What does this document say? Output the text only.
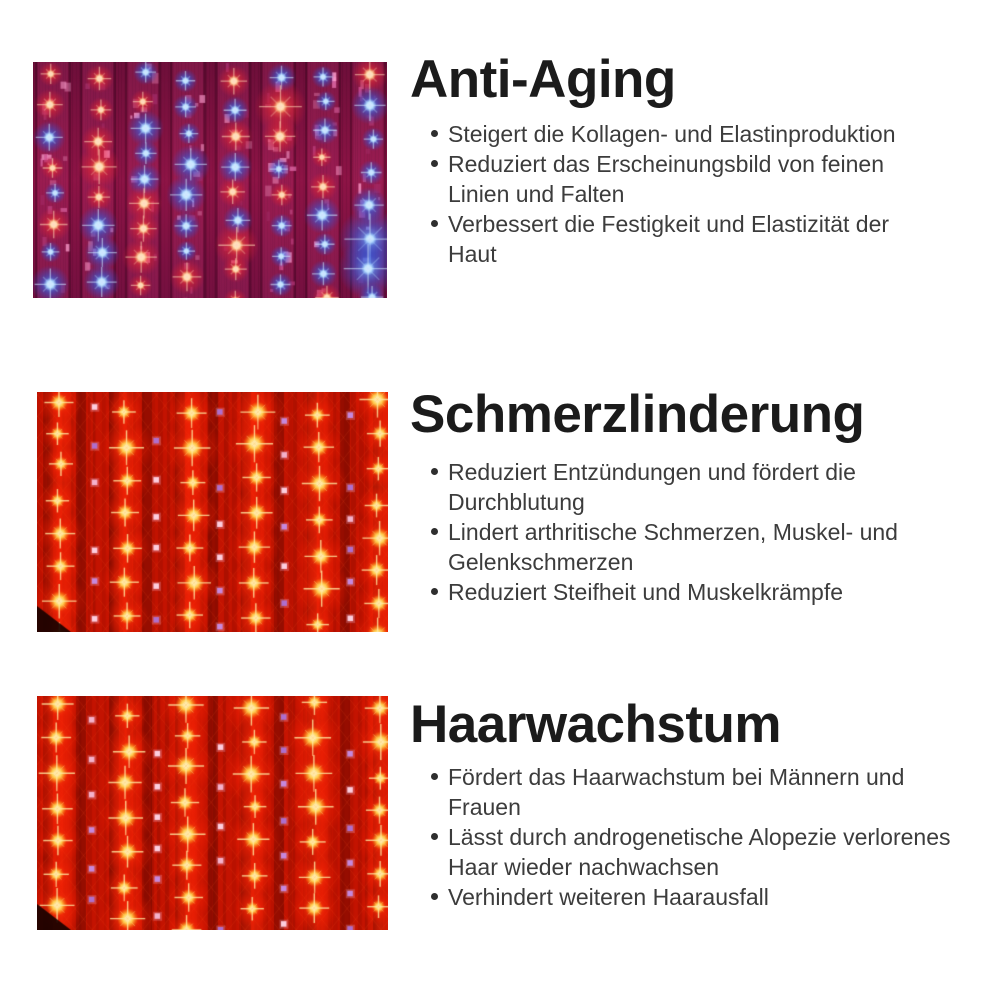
Anti-Aging
Steigert die Kollagen- und Elastinproduktion
Reduziert das Erscheinungsbild von feinen
Linien und Falten
Verbessert die Festigkeit und Elastizität der
Haut
Schmerzlinderung
Reduziert Entzündungen und fördert die
Durchblutung
Lindert arthritische Schmerzen, Muskel- und
Gelenkschmerzen
Reduziert Steifheit und Muskelkrämpfe
Haarwachstum
Fördert das Haarwachstum bei Männern und
Frauen
Lässt durch androgenetische Alopezie verlorenes
Haar wieder nachwachsen
Verhindert weiteren Haarausfall
